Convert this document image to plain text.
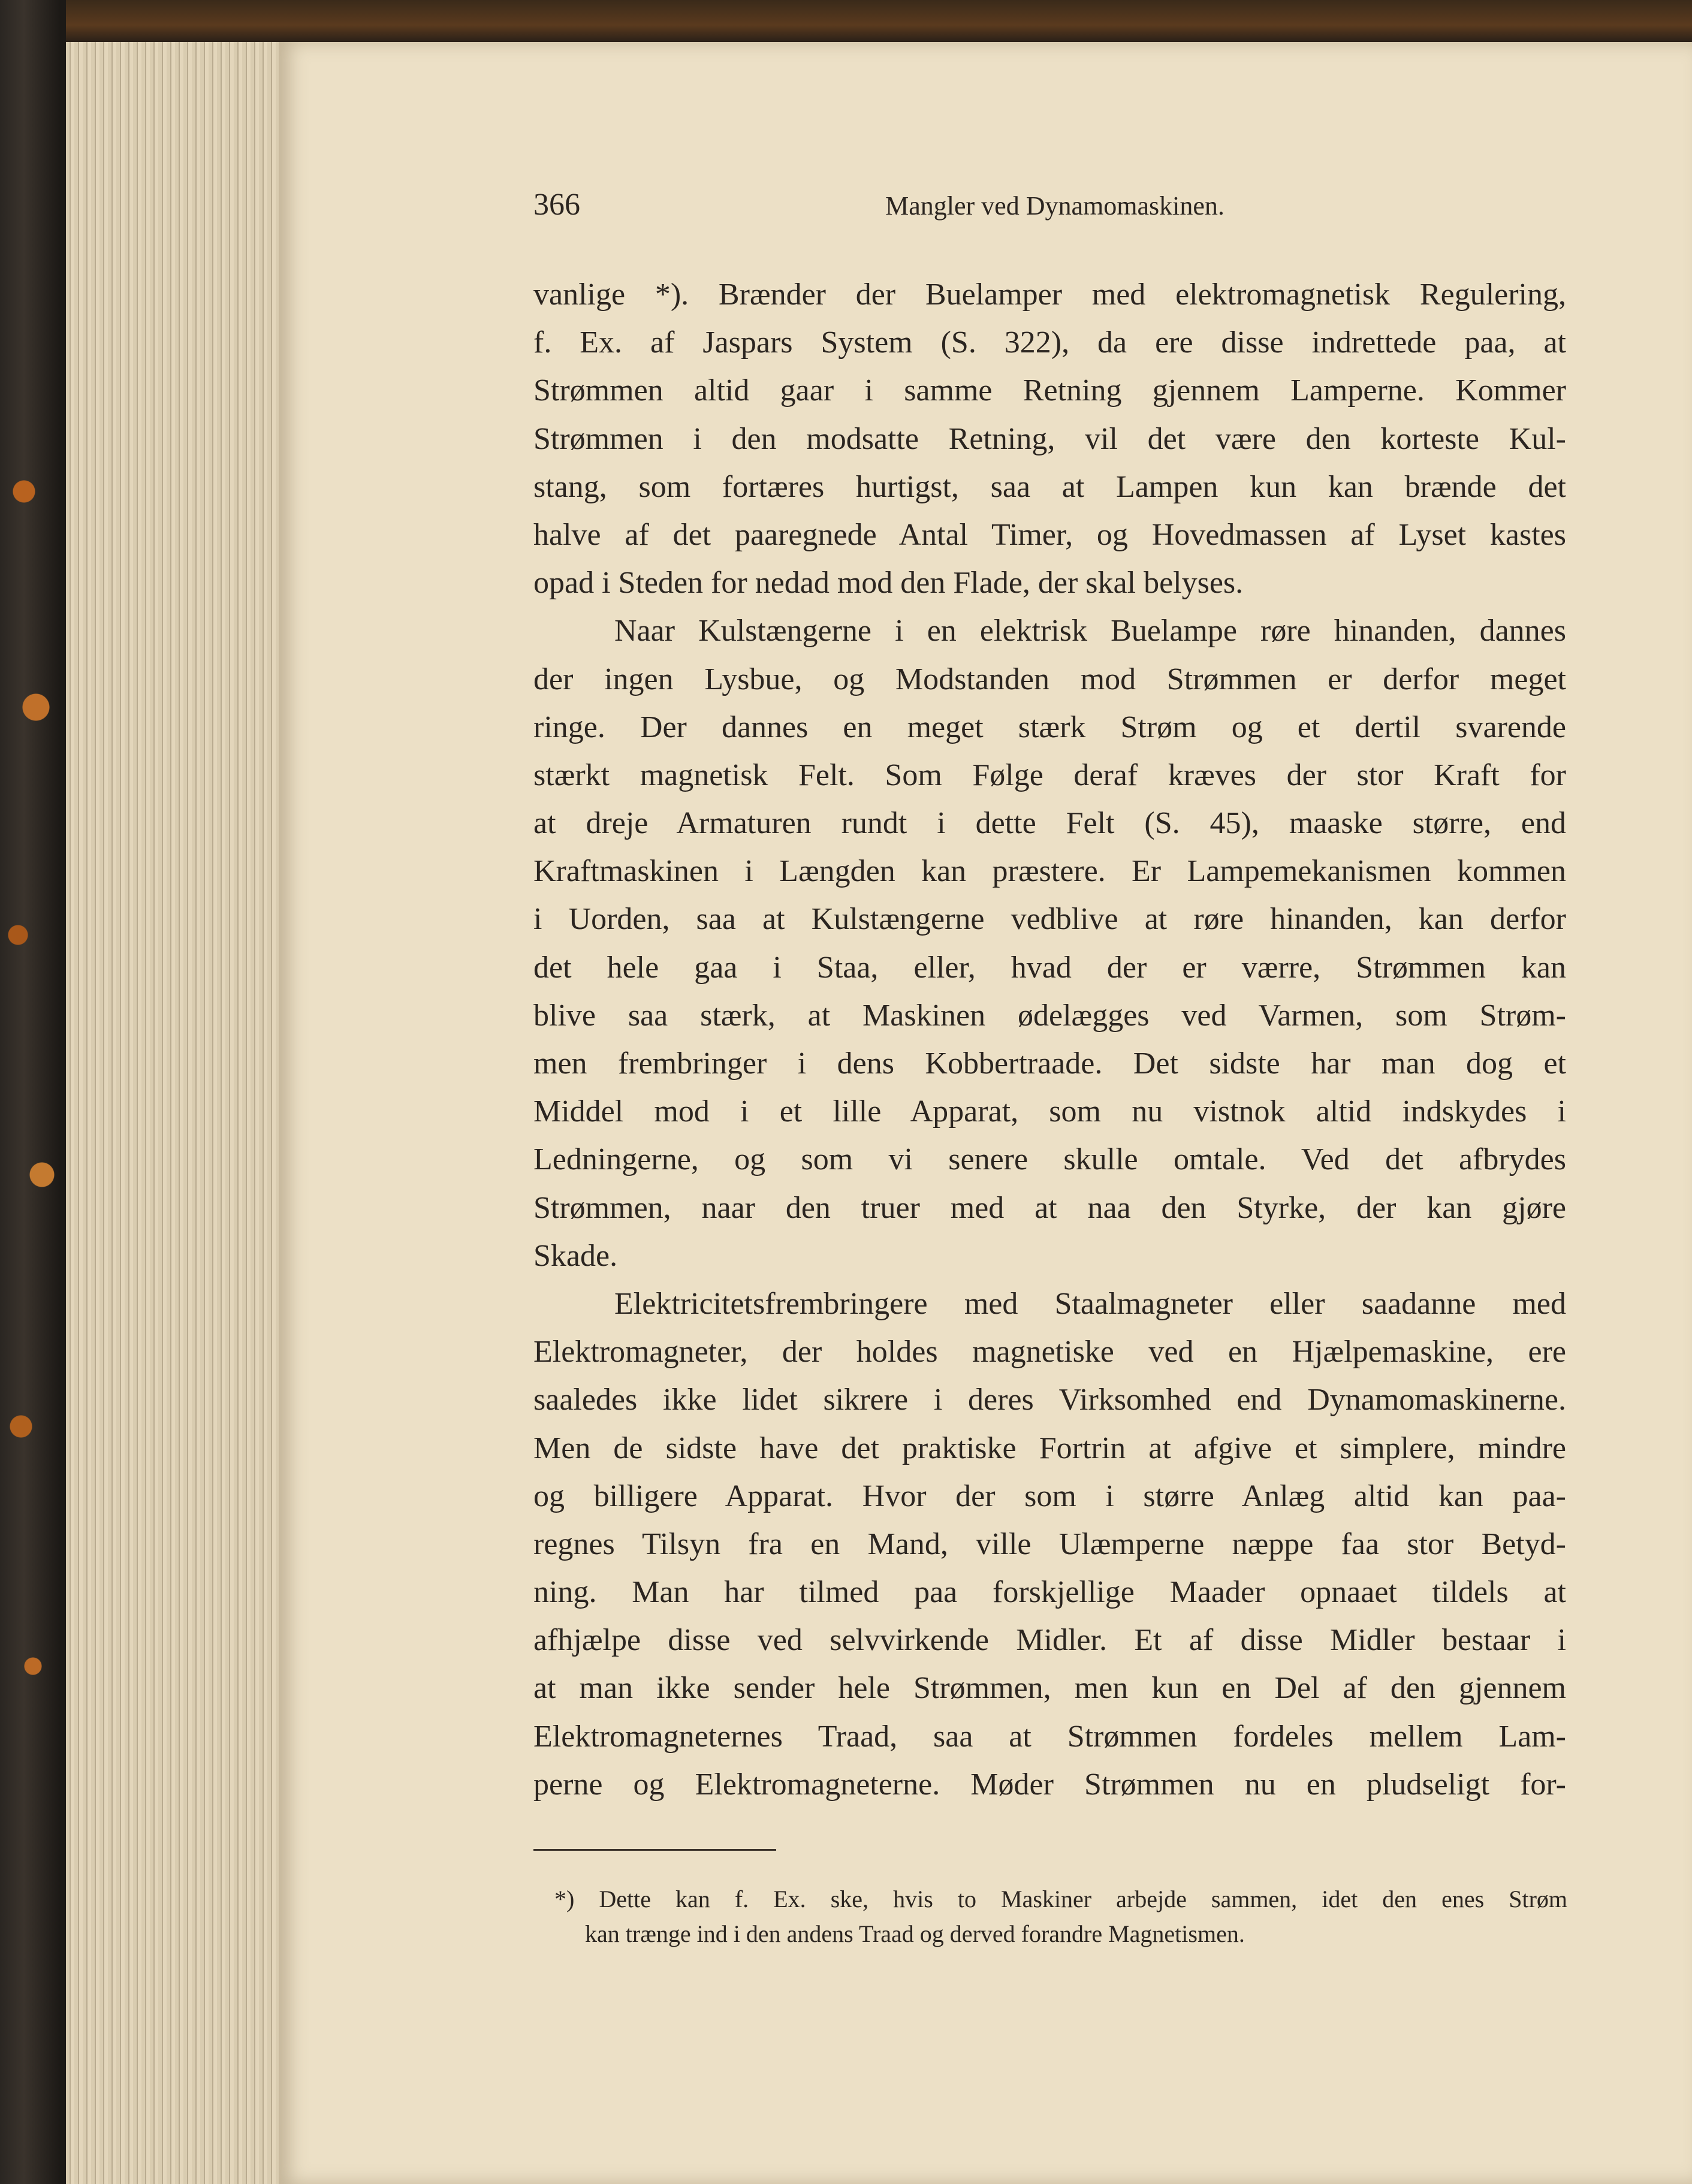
366	Mangler ved Dynamomaskinen.
vanlige *). Brænder der Buelamper med elektromagnetisk Regulering,
f. Ex. af Jaspars System (S. 322), da ere disse indrettede paa, at
Strømmen altid gaar i samme Retning gjennem Lamperne. Kommer
Strømmen i den modsatte Retning, vil det være den korteste Kul-
stang, som fortæres hurtigst, saa at Lampen kun kan brænde det
halve af det paaregnede Antal Timer, og Hovedmassen af Lyset kastes
opad i Steden for nedad mod den Flade, der skal belyses.
Naar Kulstængerne i en elektrisk Buelampe røre hinanden, dannes
der ingen Lysbue, og Modstanden mod Strømmen er derfor meget
ringe. Der dannes en meget stærk Strøm og et dertil svarende
stærkt magnetisk Felt. Som Følge deraf kræves der stor Kraft for
at dreje Armaturen rundt i dette Felt (S. 45), maaske større, end
Kraftmaskinen i Længden kan præstere. Er Lampemekanismen kommen
i Uorden, saa at Kulstængerne vedblive at røre hinanden, kan derfor
det hele gaa i Staa, eller, hvad der er værre, Strømmen kan
blive saa stærk, at Maskinen ødelægges ved Varmen, som Strøm-
men frembringer i dens Kobbertraade. Det sidste har man dog et
Middel mod i et lille Apparat, som nu vistnok altid indskydes i
Ledningerne, og som vi senere skulle omtale. Ved det afbrydes
Strømmen, naar den truer med at naa den Styrke, der kan gjøre
Skade.
Elektricitetsfrembringere med Staalmagneter eller saadanne med
Elektromagneter, der holdes magnetiske ved en Hjælpemaskine, ere
saaledes ikke lidet sikrere i deres Virksomhed end Dynamomaskinerne.
Men de sidste have det praktiske Fortrin at afgive et simplere, mindre
og billigere Apparat. Hvor der som i større Anlæg altid kan paa-
regnes Tilsyn fra en Mand, ville Ulæmperne næppe faa stor Betyd-
ning. Man har tilmed paa forskjellige Maader opnaaet tildels at
afhjælpe disse ved selvvirkende Midler. Et af disse Midler bestaar i
at man ikke sender hele Strømmen, men kun en Del af den gjennem
Elektromagneternes Traad, saa at Strømmen fordeles mellem Lam-
perne og Elektromagneterne. Møder Strømmen nu en pludseligt for-
*) Dette kan f. Ex. ske, hvis to Maskiner arbejde sammen, idet den enes Strøm
kan trænge ind i den andens Traad og derved forandre Magnetismen.
